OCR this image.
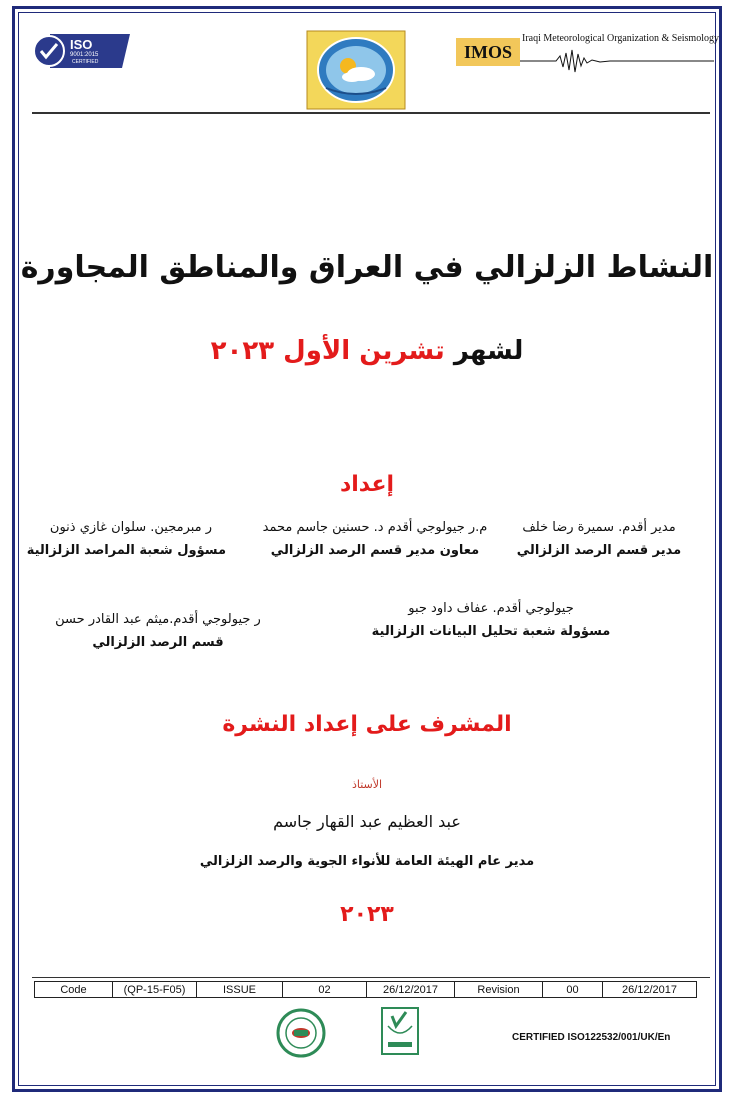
ISO
9001:2015
CERTIFIED	IMOS
Iraqi Meteorological Organization & Seismology
النشاط الزلزالي في العراق والمناطق المجاورة
لشهر تشرين الأول ٢٠٢٣
إعداد
مدير أقدم. سميرة رضا خلف
مدير قسم الرصد الزلزالي
م.ر جيولوجي أقدم د. حسنين جاسم محمد
معاون مدير قسم الرصد الزلزالي
ر مبرمجين. سلوان غازي ذنون
مسؤول شعبة المراصد الزلزالية
جيولوجي أقدم. عفاف داود جبو
مسؤولة شعبة تحليل البيانات الزلزالية
ر جيولوجي أقدم.ميثم عبد القادر حسن
قسم الرصد الزلزالي
المشرف على إعداد النشرة
الأستاذ
عبد العظيم عبد القهار جاسم
مدير عام الهيئة العامة للأنواء الجوية والرصد الزلزالي
٢٠٢٣
Code	(QP-15-F05)	ISSUE	02	26/12/2017	Revision	00	26/12/2017
CERTIFIED ISO122532/001/UK/En
